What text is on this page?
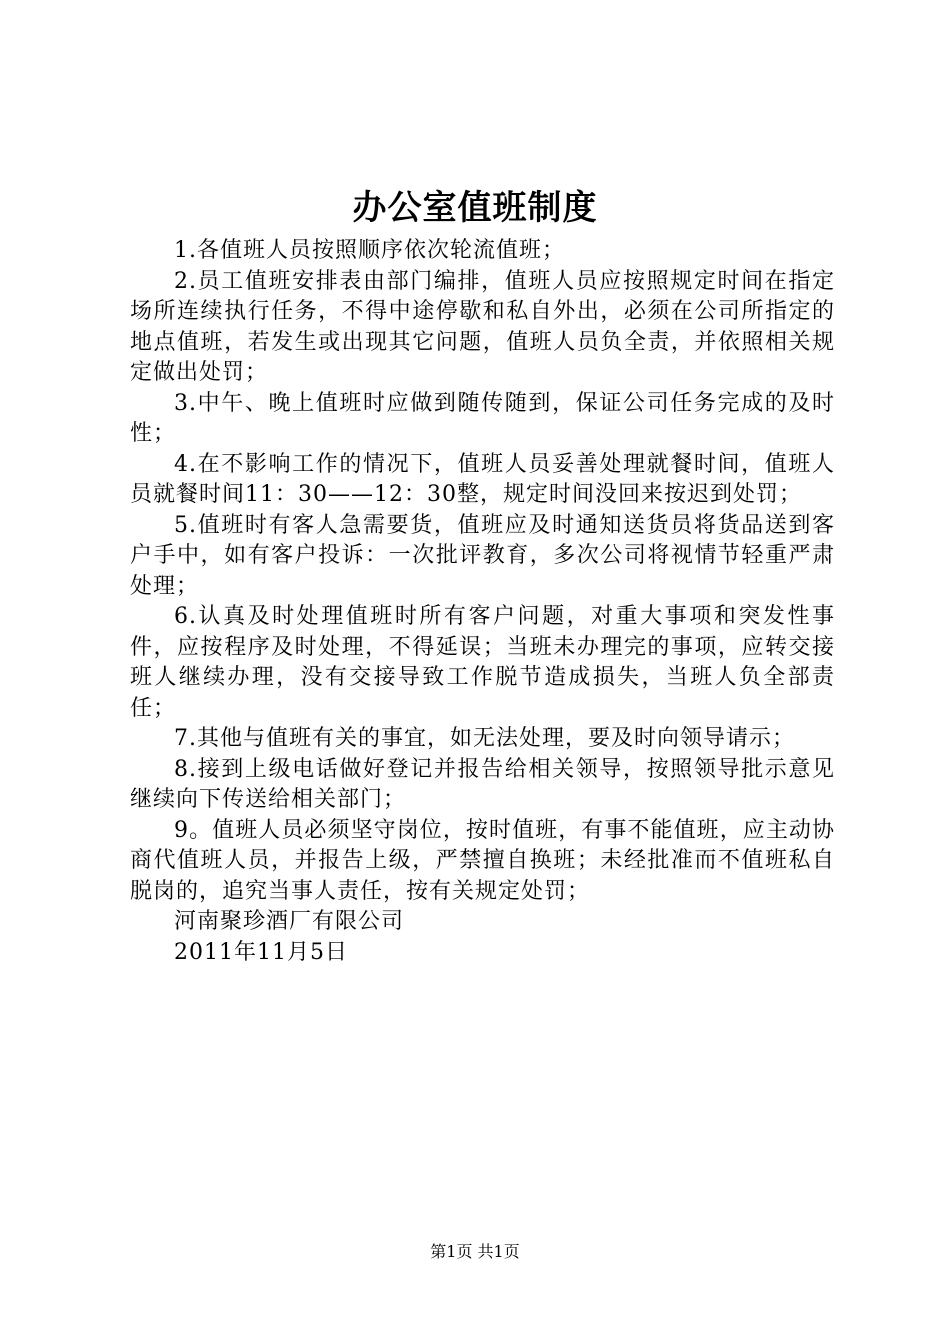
办公室值班制度

1.各值班人员按照顺序依次轮流值班；

2.员工值班安排表由部门编排，值班人员应按照规定时间在指定场所连续执行任务，不得中途停歇和私自外出，必须在公司所指定的地点值班，若发生或出现其它问题，值班人员负全责，并依照相关规定做出处罚；

3.中午、晚上值班时应做到随传随到，保证公司任务完成的及时性；

4.在不影响工作的情况下，值班人员妥善处理就餐时间，值班人员就餐时间11：30——12：30整，规定时间没回来按迟到处罚；

5.值班时有客人急需要货，值班应及时通知送货员将货品送到客户手中，如有客户投诉：一次批评教育，多次公司将视情节轻重严肃处理；

6.认真及时处理值班时所有客户问题，对重大事项和突发性事件，应按程序及时处理，不得延误；当班未办理完的事项，应转交接班人继续办理，没有交接导致工作脱节造成损失，当班人负全部责任；

7.其他与值班有关的事宜，如无法处理，要及时向领导请示；

8.接到上级电话做好登记并报告给相关领导，按照领导批示意见继续向下传送给相关部门；

9。值班人员必须坚守岗位，按时值班，有事不能值班，应主动协商代值班人员，并报告上级，严禁擅自换班；未经批准而不值班私自脱岗的，追究当事人责任，按有关规定处罚；

河南聚珍酒厂有限公司

2011年11月5日

第1页 共1页
